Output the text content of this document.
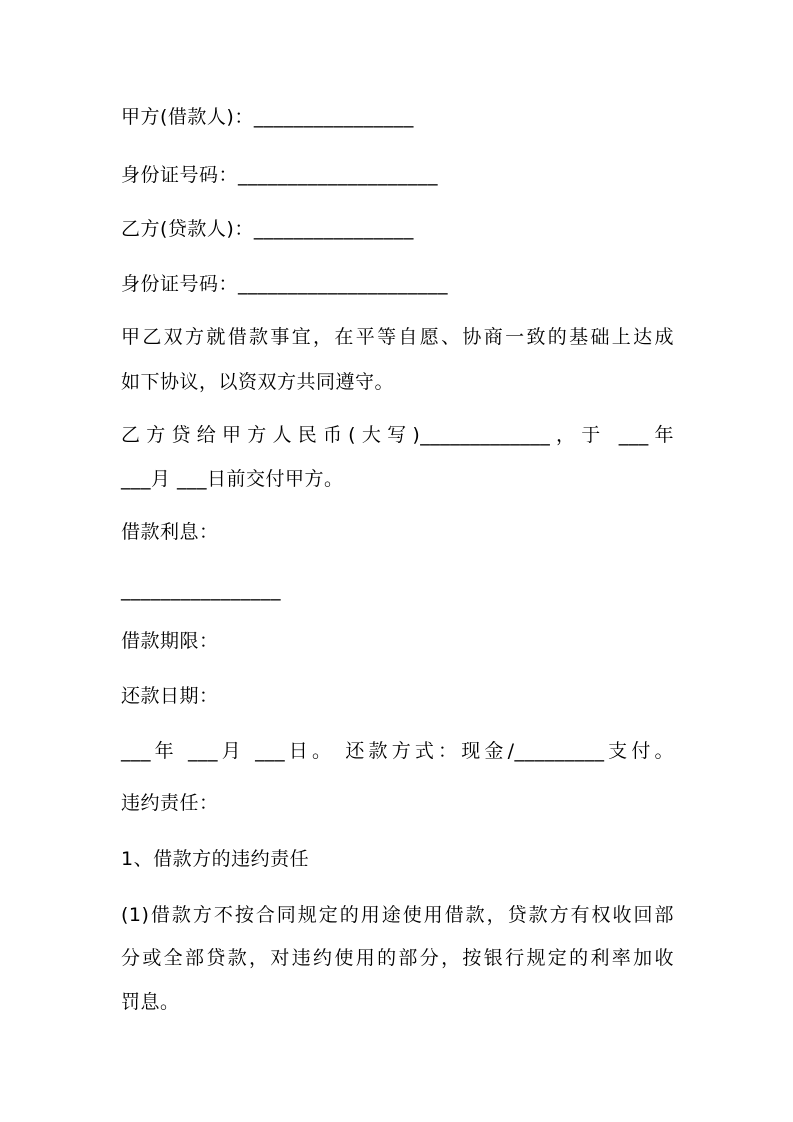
甲方(借款人)：________________
身份证号码：____________________
乙方(贷款人)：________________
身份证号码：_____________________
甲乙双方就借款事宜，在平等自愿、协商一致的基础上达成
如下协议，以资双方共同遵守。
乙方贷给甲方人民币(大写)_____________，于 ___年
___月 ___日前交付甲方。
借款利息：
________________
借款期限：
还款日期：
___年 ___月 ___日。 还款方式：现金/_________支付。
违约责任：
1、借款方的违约责任
(1)借款方不按合同规定的用途使用借款，贷款方有权收回部
分或全部贷款，对违约使用的部分，按银行规定的利率加收
罚息。
